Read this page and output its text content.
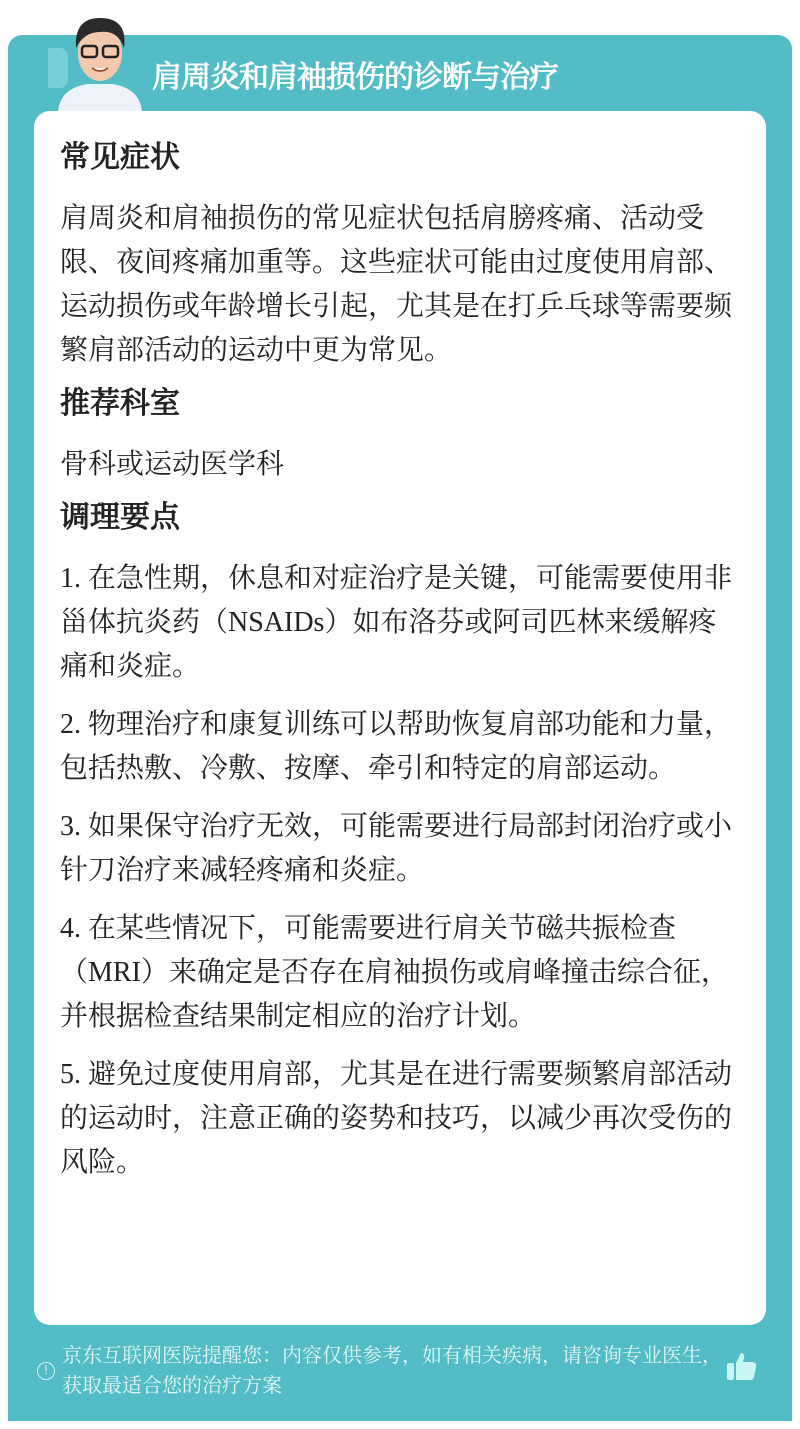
肩周炎和肩袖损伤的诊断与治疗
常见症状

肩周炎和肩袖损伤的常见症状包括肩膀疼痛、活动受限、夜间疼痛加重等。这些症状可能由过度使用肩部、运动损伤或年龄增长引起，尤其是在打乒乓球等需要频繁肩部活动的运动中更为常见。

推荐科室

骨科或运动医学科

调理要点

1. 在急性期，休息和对症治疗是关键，可能需要使用非甾体抗炎药（NSAIDs）如布洛芬或阿司匹林来缓解疼痛和炎症。

2. 物理治疗和康复训练可以帮助恢复肩部功能和力量，包括热敷、冷敷、按摩、牵引和特定的肩部运动。

3. 如果保守治疗无效，可能需要进行局部封闭治疗或小针刀治疗来减轻疼痛和炎症。

4. 在某些情况下，可能需要进行肩关节磁共振检查（MRI）来确定是否存在肩袖损伤或肩峰撞击综合征，并根据检查结果制定相应的治疗计划。

5. 避免过度使用肩部，尤其是在进行需要频繁肩部活动的运动时，注意正确的姿势和技巧，以减少再次受伤的风险。

!
京东互联网医院提醒您：内容仅供参考，如有相关疾病，请咨询专业医生，获取最适合您的治疗方案
